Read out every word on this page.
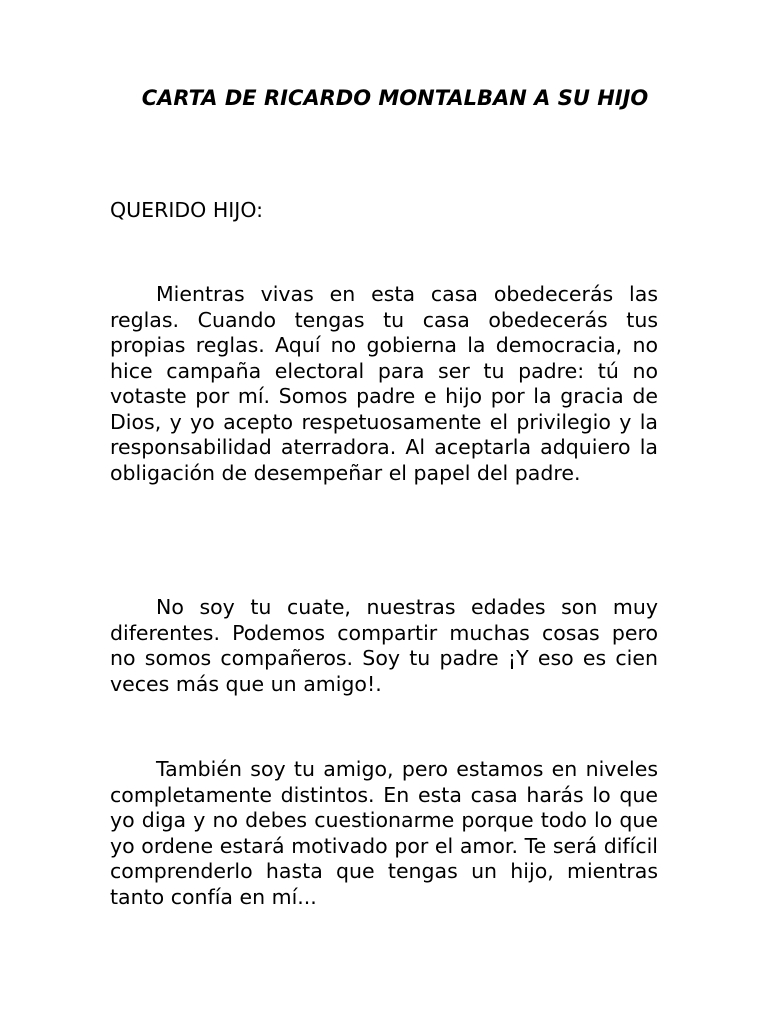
CARTA DE RICARDO MONTALBAN A SU HIJO

QUERIDO HIJO:

Mientras vivas en esta casa obedecerás las reglas. Cuando tengas tu casa obedecerás tus propias reglas. Aquí no gobierna la democracia, no hice campaña electoral para ser tu padre: tú no votaste por mí. Somos padre e hijo por la gracia de Dios, y yo acepto respetuosamente el privilegio y la responsabilidad aterradora. Al aceptarla adquiero la obligación de desempeñar el papel del padre.

No soy tu cuate, nuestras edades son muy diferentes. Podemos compartir muchas cosas pero no somos compañeros. Soy tu padre ¡Y eso es cien veces más que un amigo!.

También soy tu amigo, pero estamos en niveles completamente distintos. En esta casa harás lo que yo diga y no debes cuestionarme porque todo lo que yo ordene estará motivado por el amor. Te será difícil comprenderlo hasta que tengas un hijo, mientras tanto confía en mí...
